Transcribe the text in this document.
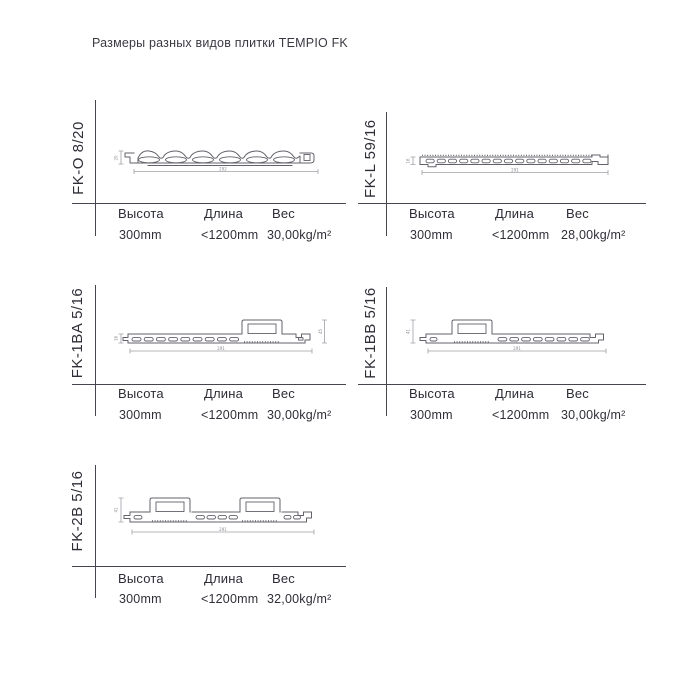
Размеры разных видов плитки TEMPIO FK
FK-O 8/20	20
292
Высота	Длина Вес
300mm	<1200mm 30,00kg/m²
FK-L 59/16	16
291
Высота	Длина Вес
300mm	<1200mm 28,00kg/m²
FK-1BA 5/16	16
45
291
Высота	Длина Вес
300mm	<1200mm 30,00kg/m²
FK-1BB 5/16	41
291
Высота	Длина Вес
300mm	<1200mm 30,00kg/m²
FK-2B 5/16	41
291
Высота	Длина Вес
300mm	<1200mm 32,00kg/m²
